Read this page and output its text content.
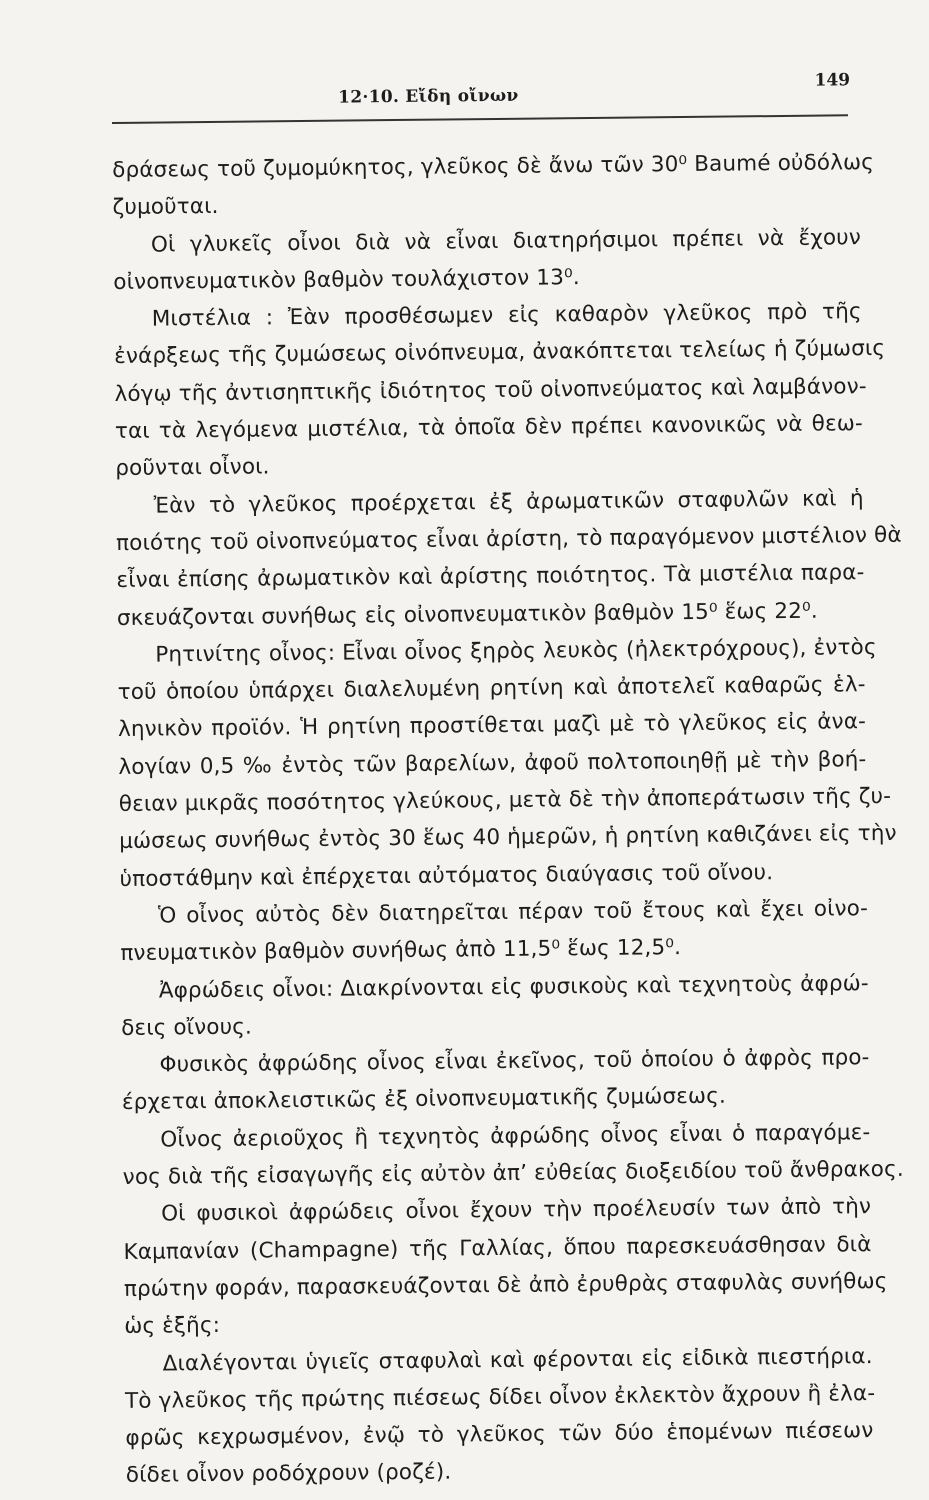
12·10. Εἴδη οἴνων
149
δράσεως τοῦ ζυμομύκητος, γλεῦκος δὲ ἄνω τῶν 30⁰ Baumé οὐδόλως
ζυμοῦται.
Οἱ γλυκεῖς οἶνοι διὰ νὰ εἶναι διατηρήσιμοι πρέπει νὰ ἔχουν
οἰνοπνευματικὸν βαθμὸν τουλάχιστον 13⁰.
Μιστέλια : Ἐὰν προσθέσωμεν εἰς καθαρὸν γλεῦκος πρὸ τῆς
ἐνάρξεως τῆς ζυμώσεως οἰνόπνευμα, ἀνακόπτεται τελείως ἡ ζύμωσις
λόγῳ τῆς ἀντισηπτικῆς ἰδιότητος τοῦ οἰνοπνεύματος καὶ λαμβάνον-
ται τὰ λεγόμενα μιστέλια, τὰ ὁποῖα δὲν πρέπει κανονικῶς νὰ θεω-
ροῦνται οἶνοι.
Ἐὰν τὸ γλεῦκος προέρχεται ἐξ ἀρωματικῶν σταφυλῶν καὶ ἡ
ποιότης τοῦ οἰνοπνεύματος εἶναι ἀρίστη, τὸ παραγόμενον μιστέλιον θὰ
εἶναι ἐπίσης ἀρωματικὸν καὶ ἀρίστης ποιότητος. Τὰ μιστέλια παρα-
σκευάζονται συνήθως εἰς οἰνοπνευματικὸν βαθμὸν 15⁰ ἕως 22⁰.
Ρητινίτης οἶνος: Εἶναι οἶνος ξηρὸς λευκὸς (ἠλεκτρόχρους), ἐντὸς
τοῦ ὁποίου ὑπάρχει διαλελυμένη ρητίνη καὶ ἀποτελεῖ καθαρῶς ἑλ-
ληνικὸν προϊόν. Ἡ ρητίνη προστίθεται μαζὶ μὲ τὸ γλεῦκος εἰς ἀνα-
λογίαν 0,5 ‰ ἐντὸς τῶν βαρελίων, ἀφοῦ πολτοποιηθῇ μὲ τὴν βοή-
θειαν μικρᾶς ποσότητος γλεύκους, μετὰ δὲ τὴν ἀποπεράτωσιν τῆς ζυ-
μώσεως συνήθως ἐντὸς 30 ἕως 40 ἡμερῶν, ἡ ρητίνη καθιζάνει εἰς τὴν
ὑποστάθμην καὶ ἐπέρχεται αὐτόματος διαύγασις τοῦ οἴνου.
Ὁ οἶνος αὐτὸς δὲν διατηρεῖται πέραν τοῦ ἔτους καὶ ἔχει οἰνο-
πνευματικὸν βαθμὸν συνήθως ἀπὸ 11,5⁰ ἕως 12,5⁰.
Ἀφρώδεις οἶνοι: Διακρίνονται εἰς φυσικοὺς καὶ τεχνητοὺς ἀφρώ-
δεις οἴνους.
Φυσικὸς ἀφρώδης οἶνος εἶναι ἐκεῖνος, τοῦ ὁποίου ὁ ἀφρὸς προ-
έρχεται ἀποκλειστικῶς ἐξ οἰνοπνευματικῆς ζυμώσεως.
Οἶνος ἀεριοῦχος ἢ τεχνητὸς ἀφρώδης οἶνος εἶναι ὁ παραγόμε-
νος διὰ τῆς εἰσαγωγῆς εἰς αὐτὸν ἀπ’ εὐθείας διοξειδίου τοῦ ἄνθρακος.
Οἱ φυσικοὶ ἀφρώδεις οἶνοι ἔχουν τὴν προέλευσίν των ἀπὸ τὴν
Καμπανίαν (Champagne) τῆς Γαλλίας, ὅπου παρεσκευάσθησαν διὰ
πρώτην φοράν, παρασκευάζονται δὲ ἀπὸ ἐρυθρὰς σταφυλὰς συνήθως
ὡς ἑξῆς:
Διαλέγονται ὑγιεῖς σταφυλαὶ καὶ φέρονται εἰς εἰδικὰ πιεστήρια.
Τὸ γλεῦκος τῆς πρώτης πιέσεως δίδει οἶνον ἐκλεκτὸν ἄχρουν ἢ ἐλα-
φρῶς κεχρωσμένον, ἐνῷ τὸ γλεῦκος τῶν δύο ἑπομένων πιέσεων
δίδει οἶνον ροδόχρουν (ροζέ).
